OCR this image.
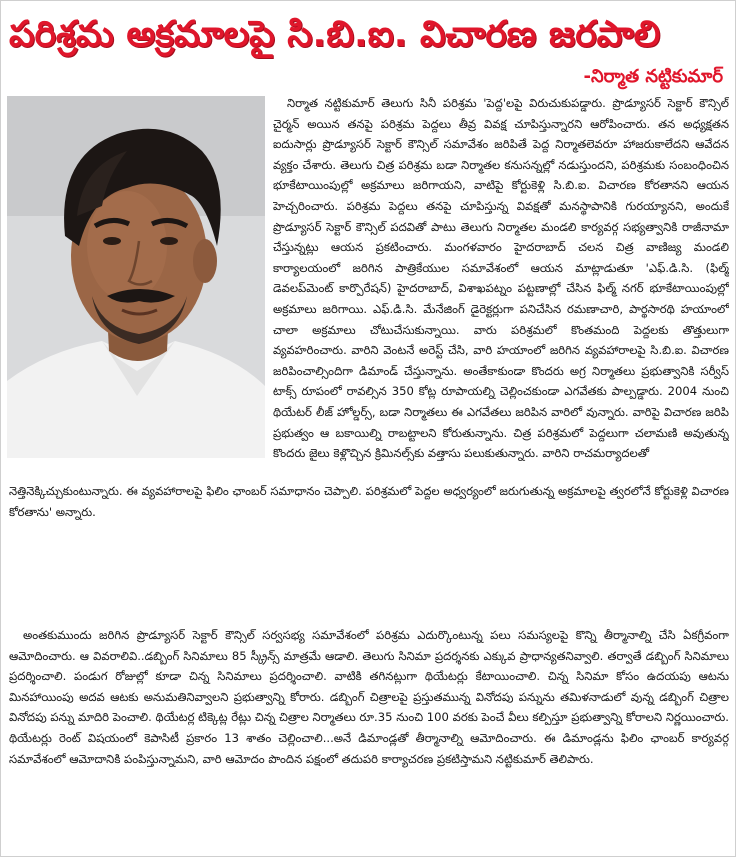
పరిశ్రమ అక్రమాలపై సి.బి.ఐ. విచారణ జరపాలి
-నిర్మాత నట్టికుమార్

నిర్మాత నట్టికుమార్ తెలుగు సినీ పరిశ్రమ 'పెద్ద'లపై విరుచుకుపడ్డారు. ప్రొడ్యూసర్ సెక్టార్ కౌన్సిల్ చైర్మన్ అయిన తనపై పరిశ్రమ పెద్దలు తీవ్ర వివక్ష చూపిస్తున్నారని ఆరోపించారు. తన అధ్యక్షతన ఐదుసార్లు ప్రొడ్యూసర్ సెక్టార్ కౌన్సిల్ సమావేశం జరిపితే పెద్ద నిర్మాతలెవరూ హాజరుకాలేదని ఆవేదన వ్యక్తం చేశారు. తెలుగు చిత్ర పరిశ్రమ బడా నిర్మాతల కనుసన్నల్లో నడుస్తుందని, పరిశ్రమకు సంబంధించిన భూకేటాయింపుల్లో అక్రమాలు జరిగాయని, వాటిపై కోర్టుకెళ్లి సి.బి.ఐ. విచారణ కోరతానని ఆయన హెచ్చరించారు. పరిశ్రమ పెద్దలు తనపై చూపిస్తున్న వివక్షతో మనస్థాపానికి గురయ్యానని, అందుకే ప్రొడ్యూసర్ సెక్టార్ కౌన్సిల్ పదవితో పాటు తెలుగు నిర్మాతల మండలి కార్యవర్గ సభ్యత్వానికి రాజీనామా చేస్తున్నట్లు ఆయన ప్రకటించారు. మంగళవారం హైదరాబాద్ చలన చిత్ర వాణిజ్య మండలి కార్యాలయంలో జరిగిన పాత్రికేయుల సమావేశంలో ఆయన మాట్లాడుతూ 'ఎఫ్.డి.సి. (ఫిల్మ్ డెవలప్‌మెంట్ కార్పొరేషన్) హైదరాబాద్, విశాఖపట్నం పట్టణాల్లో చేసిన ఫిల్మ్ నగర్ భూకేటాయింపుల్లో అక్రమాలు జరిగాయి. ఎఫ్.డి.సి. మేనేజింగ్ డైరెక్టర్లుగా పనిచేసిన రమణాచారి, పార్థసారథి హయాంలో చాలా అక్రమాలు చోటుచేసుకున్నాయి. వారు పరిశ్రమలో కొంతమంది పెద్దలకు తొత్తులుగా వ్యవహరించారు. వారిని వెంటనే అరెస్ట్ చేసి, వారి హయాంలో జరిగిన వ్యవహారాలపై సి.బి.ఐ. విచారణ జరిపించాల్సిందిగా డిమాండ్ చేస్తున్నాను. అంతేకాకుండా కొందరు అగ్ర నిర్మాతలు ప్రభుత్వానికి సర్వీస్ టాక్స్ రూపంలో రావల్సిన 350 కోట్ల రూపాయల్ని చెల్లించకుండా ఎగవేతకు పాల్పడ్డారు. 2004 నుంచి థియేటర్ లీజ్ హోల్డర్స్, బడా నిర్మాతలు ఈ ఎగవేతలు జరిపిన వారిలో వున్నారు. వారిపై విచారణ జరిపి ప్రభుత్వం ఆ బకాయిల్ని రాబట్టాలని కోరుతున్నాను. చిత్ర పరిశ్రమలో పెద్దలుగా చలామణి అవుతున్న కొందరు జైలు కెళ్లొచ్చిన క్రిమినల్స్‌కు వత్తాసు పలుకుతున్నారు. వారిని రాచమర్యాదలతో

నెత్తినెక్కిచ్చుకుంటున్నారు. ఈ వ్యవహారాలపై ఫిలిం ఛాంబర్ సమాధానం చెప్పాలి. పరిశ్రమలో పెద్దల అధ్వర్యంలో జరుగుతున్న అక్రమాలపై త్వరలోనే కోర్టుకెళ్లి విచారణ కోరతాను' అన్నారు.

అంతకుముందు జరిగిన ప్రొడ్యూసర్ సెక్టార్ కౌన్సిల్ సర్వసభ్య సమావేశంలో పరిశ్రమ ఎదుర్కొంటున్న పలు సమస్యలపై కొన్ని తీర్మానాల్ని చేసి ఏకగ్రీవంగా ఆమోదించారు. ఆ వివరాలివి..డబ్బింగ్ సినిమాలు 85 స్క్రీన్స్ మాత్రమే ఆడాలి. తెలుగు సినిమా ప్రదర్శనకు ఎక్కువ ప్రాధాన్యతనివ్వాలి. తర్వాతే డబ్బింగ్ సినిమాలు ప్రదర్శించాలి. పండుగ రోజుల్లో కూడా చిన్న సినిమాలు ప్రదర్శించాలి. వాటికి తగినట్లుగా థియేటర్లు కేటాయించాలి. చిన్న సినిమా కోసం ఉదయపు ఆటను మినహాయింపు అదవ ఆటకు అనుమతినివ్వాలని ప్రభుత్వాన్ని కోరారు. డబ్బింగ్ చిత్రాలపై ప్రస్తుతమున్న వినోదపు పన్నును తమిళనాడులో వున్న డబ్బింగ్ చిత్రాల వినోదపు పన్ను మాదిరి పెంచాలి. థియేటర్ల టిక్కెట్ల రేట్లు చిన్న చిత్రాల నిర్మాతలు రూ.35 నుంచి 100 వరకు పెంచే వీలు కల్పిస్తూ ప్రభుత్వాన్ని కోరాలని నిర్ణయించారు. థియేటర్లు రెంట్ విషయంలో కెపాసిటీ ప్రకారం 13 శాతం చెల్లించాలి...అనే డిమాండ్లతో తీర్మానాల్ని ఆమోదించారు. ఈ డిమాండ్లను ఫిలిం ఛాంబర్ కార్యవర్గ సమావేశంలో ఆమోదానికి పంపిస్తున్నామని, వారి ఆమోదం పొందిన పక్షంలో తదుపరి కార్యాచరణ ప్రకటిస్తామని నట్టికుమార్ తెలిపారు.
